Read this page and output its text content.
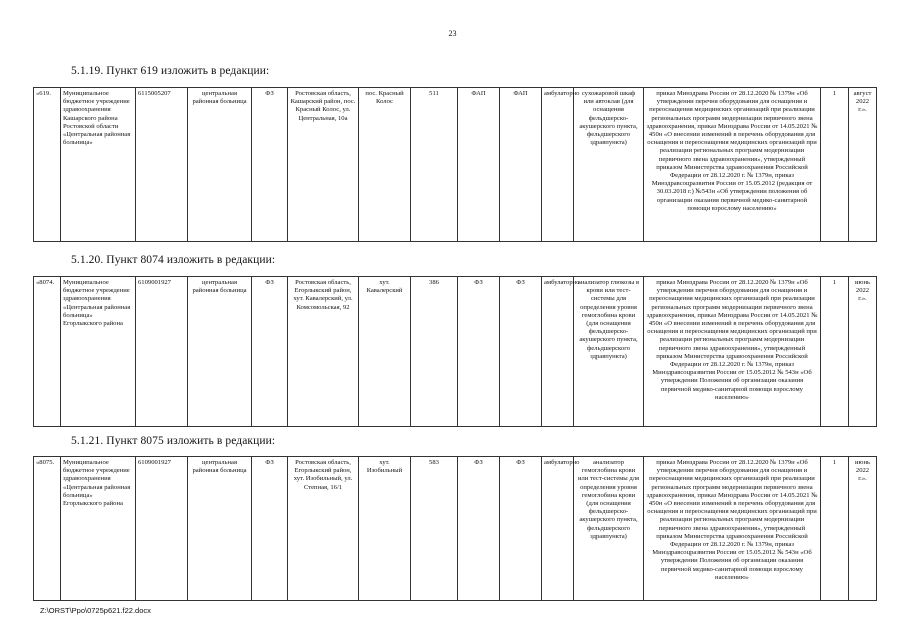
23
5.1.19. Пункт 619 изложить в редакции:
«619.	Муниципальное бюджетное учреждение здравоохранения Кашарского района Ростовской области «Центральная районная больница»	6115005207	центральная районная больница	ФЗ	Ростовская область, Кашарский район, пос. Красный Колос, ул. Центральная, 10а	пос. Красный Колос	511	ФАП	ФАП	амбулаторно	сухожаровой шкаф или автоклав (для оснащения фельдшерско-акушерского пункта, фельдшерского здравпункта)	приказ Минздрава России от 28.12.2020 № 1379н «Об утверждении перечня оборудования для оснащения и переоснащения медицинских организаций при реализации региональных программ модернизации первичного звена здравоохранения, приказ Минздрава России от 14.05.2021 № 450н «О внесении изменений в перечень оборудования для оснащения и переоснащения медицинских организаций при реализации региональных программ модернизации первичного звена здравоохранения», утвержденный приказом Министерства здравоохранения Российской Федерации от 28.12.2020 г. № 1379н, приказ Минздравсоцразвития России от 15.05.2012 (редакция от 30.03.2018 г.) №543н «Об утверждении положения об организации оказания первичной медико-санитарной помощи взрослому населению»	1	август 2022 г.».
5.1.20. Пункт 8074 изложить в редакции:
«8074.	Муниципальное бюджетное учреждение здравоохранения «Центральная районная больница» Егорлыкского района	6109001927	центральная районная больница	ФЗ	Ростовская область, Егорлыкский район, хут. Кавалерский, ул. Комсомольская, 92	хут. Кавалерский	386	ФЗ	ФЗ	амбулаторно	анализатор глюкозы в крови или тест-системы для определения уровня гемоглобина крови (для оснащения фельдшерско-акушерского пункта, фельдшерского здравпункта)	приказ Минздрава России от 28.12.2020 № 1379н «Об утверждении перечня оборудования для оснащения и переоснащения медицинских организаций при реализации региональных программ модернизации первичного звена здравоохранения, приказ Минздрава России от 14.05.2021 № 450н «О внесении изменений в перечень оборудования для оснащения и переоснащения медицинских организаций при реализации региональных программ модернизации первичного звена здравоохранения», утвержденный приказом Министерства здравоохранения Российской Федерации от 28.12.2020 г. № 1379н, приказ Минздравсоцразвития России от 15.05.2012 № 543н «Об утверждении Положения об организации оказания первичной медико-санитарной помощи взрослому населению»	1	июнь 2022 г.».
5.1.21. Пункт 8075 изложить в редакции:
«8075.	Муниципальное бюджетное учреждение здравоохранения «Центральная районная больница» Егорлыкского района	6109001927	центральная районная больница	ФЗ	Ростовская область, Егорлыкский район, хут. Изобильный, ул. Степная, 16/1	хут. Изобильный	583	ФЗ	ФЗ	амбулаторно	анализатор гемоглобина крови или тест-системы для определения уровня гемоглобина крови (для оснащения фельдшерско-акушерского пункта, фельдшерского здравпункта)	приказ Минздрава России от 28.12.2020 № 1379н «Об утверждении перечня оборудования для оснащения и переоснащения медицинских организаций при реализации региональных программ модернизации первичного звена здравоохранения, приказ Минздрава России от 14.05.2021 № 450н «О внесении изменений в перечень оборудования для оснащения и переоснащения медицинских организаций при реализации региональных программ модернизации первичного звена здравоохранения», утвержденный приказом Министерства здравоохранения Российской Федерации от 28.12.2020 г. № 1379н, приказ Минздравсоцразвития России от 15.05.2012 № 543н «Об утверждении Положения об организации оказания первичной медико-санитарной помощи взрослому населению»	1	июнь 2022 г.».
Z:\ORST\Ppo\0725p621.f22.docx
